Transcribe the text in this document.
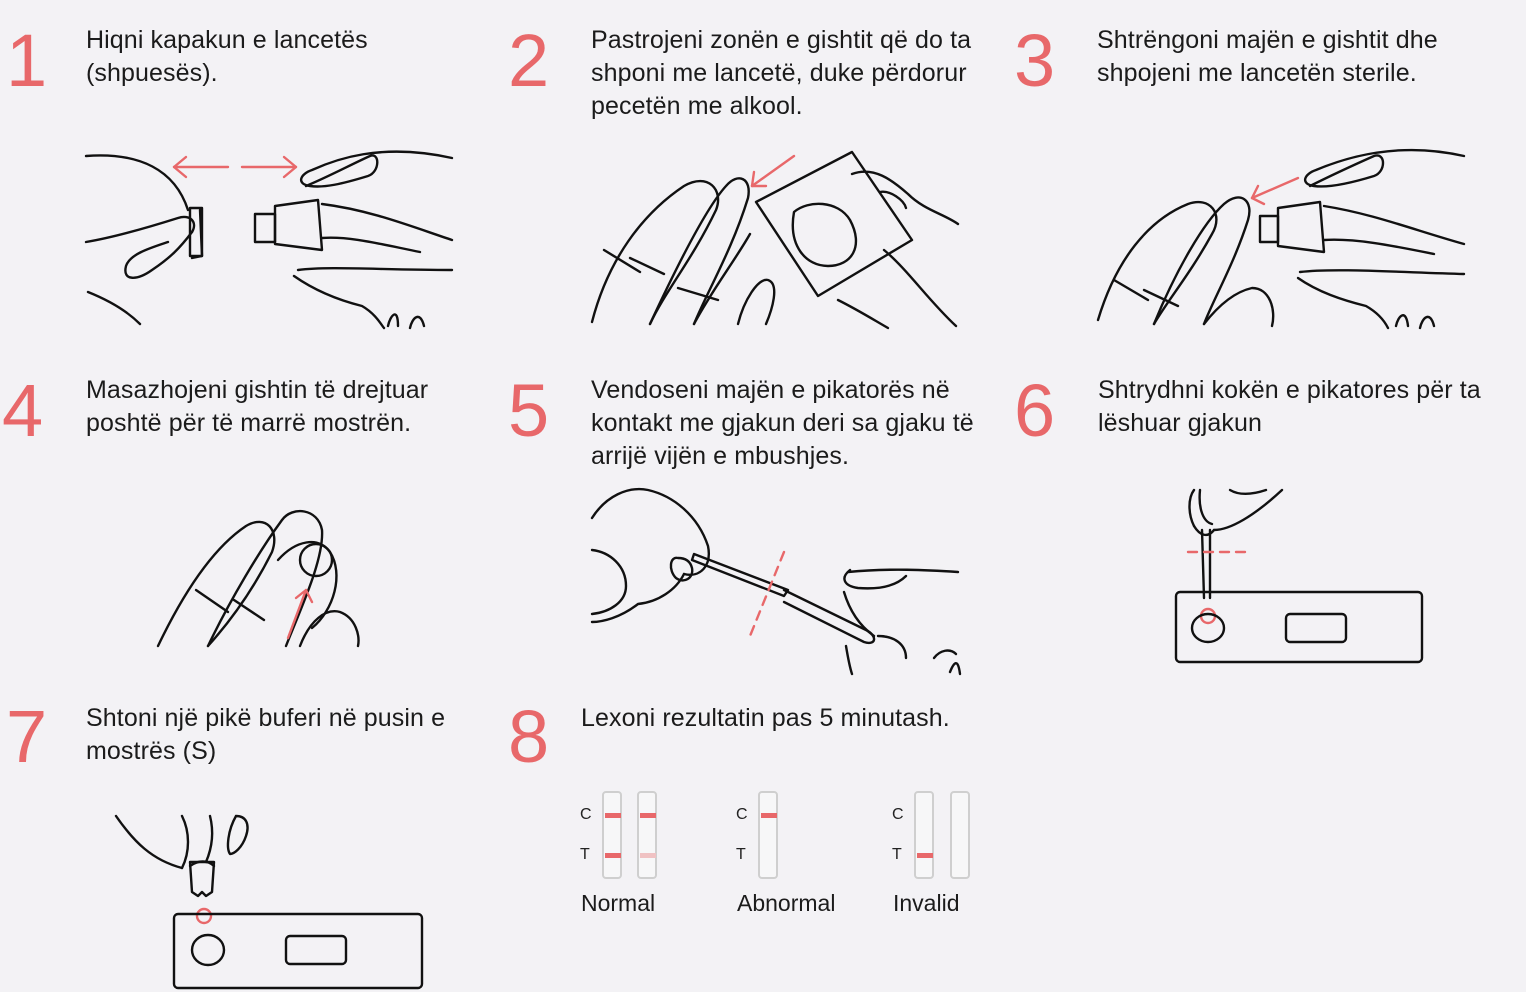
1 Hiqni kapakun e lancetës (shpuesës).	2 Pastrojeni zonën e gishtit që do ta shponi me lancetë, duke përdorur pecetën me alkool.
3 Shtrëngoni majën e gishtit dhe shpojeni me lancetën sterile.
4 Masazhojeni gishtin të drejtuar poshtë për të marrë mostrën.	5 Vendoseni majën e pikatorës në kontakt me gjakun deri sa gjaku të arrijë vijën e mbushjes.
6 Shtrydhni kokën e pikatores për ta lëshuar gjakun
7 Shtoni një pikë buferi në pusin e mostrës (S)	8 Lexoni rezultatin pas 5 minutash.
C
T
Normal
C
T
Abnormal
C
T
Invalid
